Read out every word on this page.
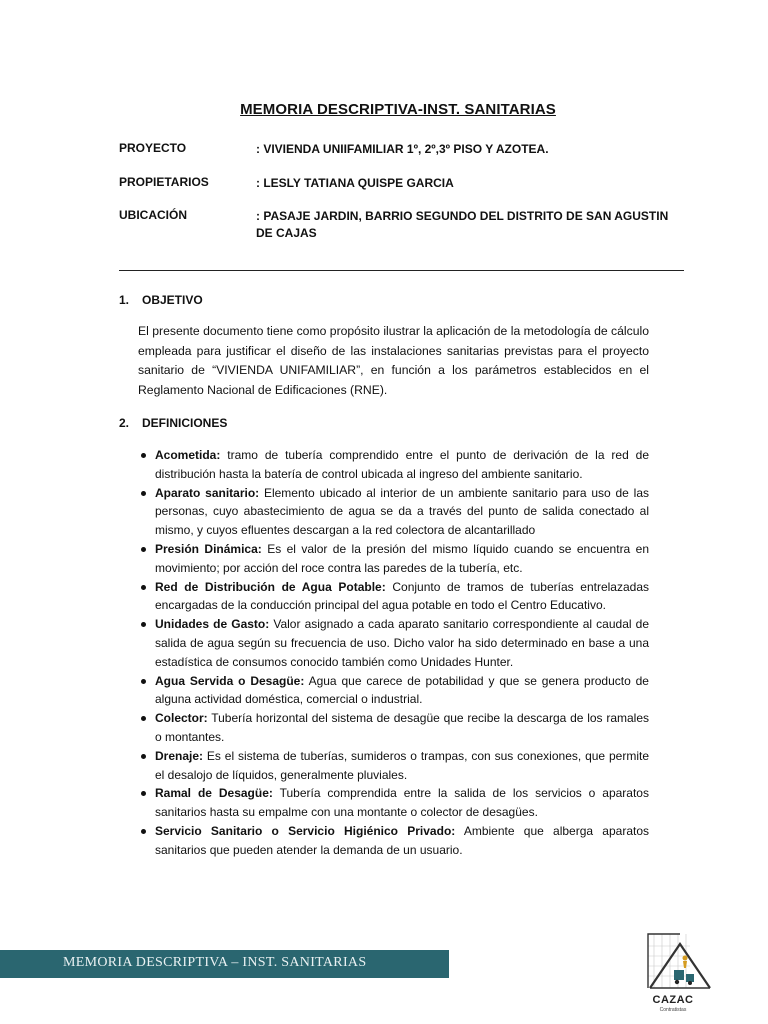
MEMORIA DESCRIPTIVA-INST. SANITARIAS
PROYECTO	: VIVIENDA UNIIFAMILIAR 1º, 2º,3º PISO Y AZOTEA.
PROPIETARIOS	: LESLY TATIANA QUISPE GARCIA
UBICACIÓN	: PASAJE JARDIN, BARRIO SEGUNDO DEL DISTRITO DE SAN AGUSTIN DE CAJAS
1. OBJETIVO
El presente documento tiene como propósito ilustrar la aplicación de la metodología de cálculo empleada para justificar el diseño de las instalaciones sanitarias previstas para el proyecto sanitario de “VIVIENDA UNIFAMILIAR”, en función a los parámetros establecidos en el Reglamento Nacional de Edificaciones (RNE).
2. DEFINICIONES
Acometida: tramo de tubería comprendido entre el punto de derivación de la red de distribución hasta la batería de control ubicada al ingreso del ambiente sanitario.
Aparato sanitario: Elemento ubicado al interior de un ambiente sanitario para uso de las personas, cuyo abastecimiento de agua se da a través del punto de salida conectado al mismo, y cuyos efluentes descargan a la red colectora de alcantarillado
Presión Dinámica: Es el valor de la presión del mismo líquido cuando se encuentra en movimiento; por acción del roce contra las paredes de la tubería, etc.
Red de Distribución de Agua Potable: Conjunto de tramos de tuberías entrelazadas encargadas de la conducción principal del agua potable en todo el Centro Educativo.
Unidades de Gasto: Valor asignado a cada aparato sanitario correspondiente al caudal de salida de agua según su frecuencia de uso. Dicho valor ha sido determinado en base a una estadística de consumos conocido también como Unidades Hunter.
Agua Servida o Desagüe: Agua que carece de potabilidad y que se genera producto de alguna actividad doméstica, comercial o industrial.
Colector: Tubería horizontal del sistema de desagüe que recibe la descarga de los ramales o montantes.
Drenaje: Es el sistema de tuberías, sumideros o trampas, con sus conexiones, que permite el desalojo de líquidos, generalmente pluviales.
Ramal de Desagüe: Tubería comprendida entre la salida de los servicios o aparatos sanitarios hasta su empalme con una montante o colector de desagües.
Servicio Sanitario o Servicio Higiénico Privado: Ambiente que alberga aparatos sanitarios que pueden atender la demanda de un usuario.
MEMORIA DESCRIPTIVA – INST. SANITARIAS
CAZAC
Contratistas
